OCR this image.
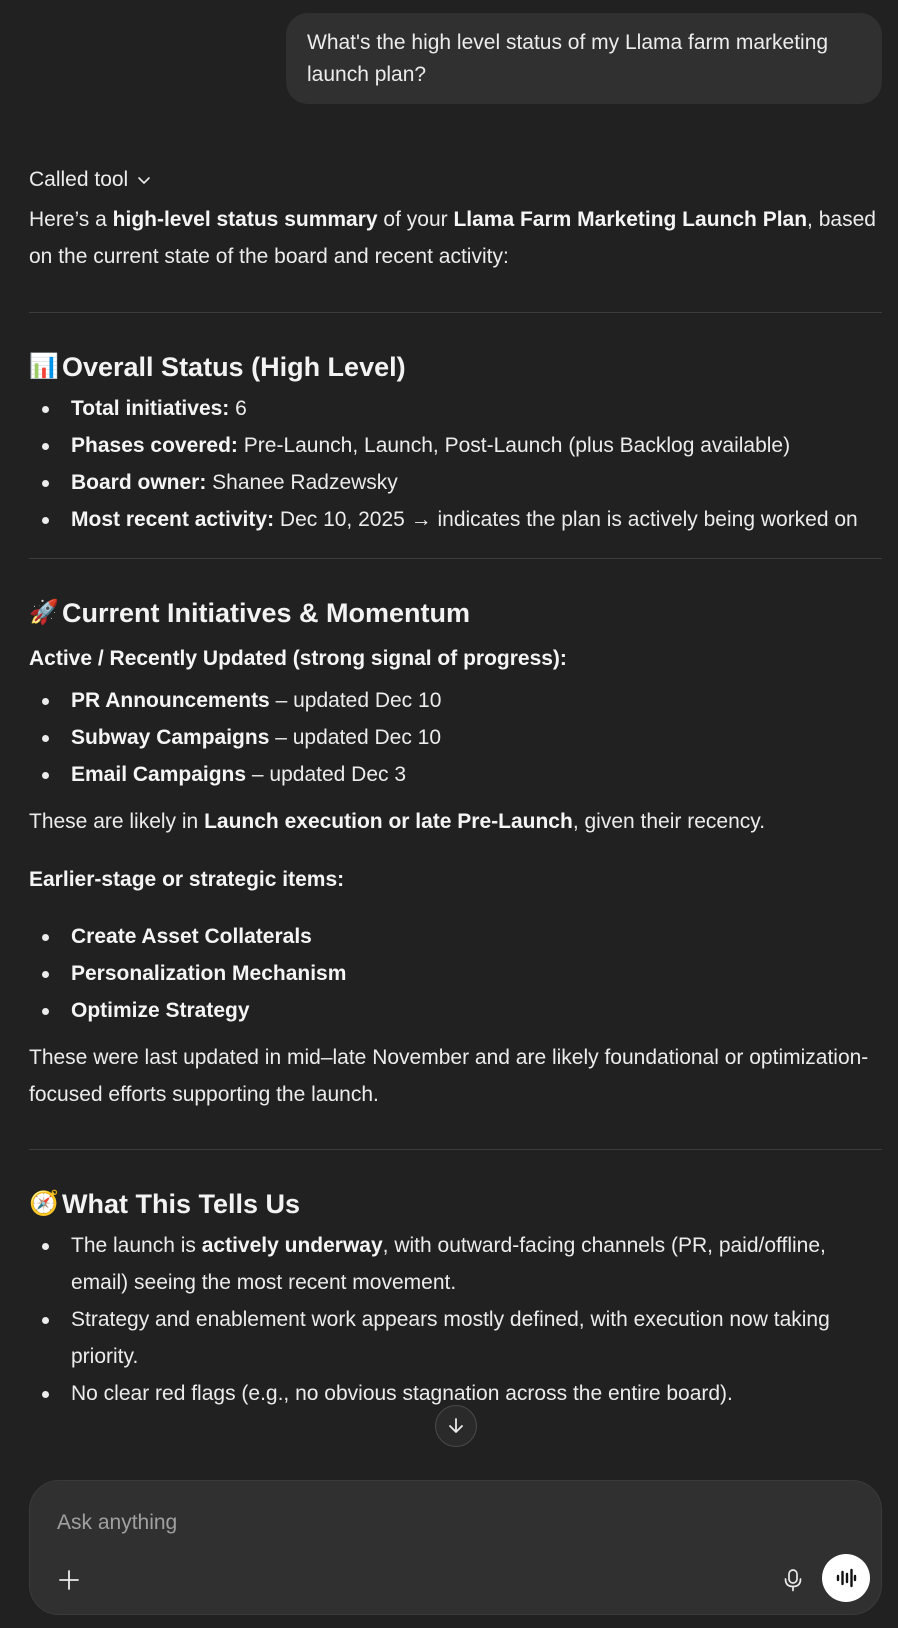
What's the high level status of my Llama farm marketing launch plan?
Called tool

Here’s a high-level status summary of your Llama Farm Marketing Launch Plan, based on the current state of the board and recent activity:

📊 Overall Status (High Level)
Total initiatives: 6
Phases covered: Pre-Launch, Launch, Post-Launch (plus Backlog available)
Board owner: Shanee Radzewsky
Most recent activity: Dec 10, 2025 → indicates the plan is actively being worked on
🚀 Current Initiatives & Momentum

Active / Recently Updated (strong signal of progress):

PR Announcements – updated Dec 10
Subway Campaigns – updated Dec 10
Email Campaigns – updated Dec 3

These are likely in Launch execution or late Pre-Launch, given their recency.

Earlier-stage or strategic items:

Create Asset Collaterals
Personalization Mechanism
Optimize Strategy

These were last updated in mid–late November and are likely foundational or optimization-focused efforts supporting the launch.

🧭 What This Tells Us
The launch is actively underway, with outward-facing channels (PR, paid/offline, email) seeing the most recent movement.
Strategy and enablement work appears mostly defined, with execution now taking priority.
No clear red flags (e.g., no obvious stagnation across the entire board).
Ask anything
